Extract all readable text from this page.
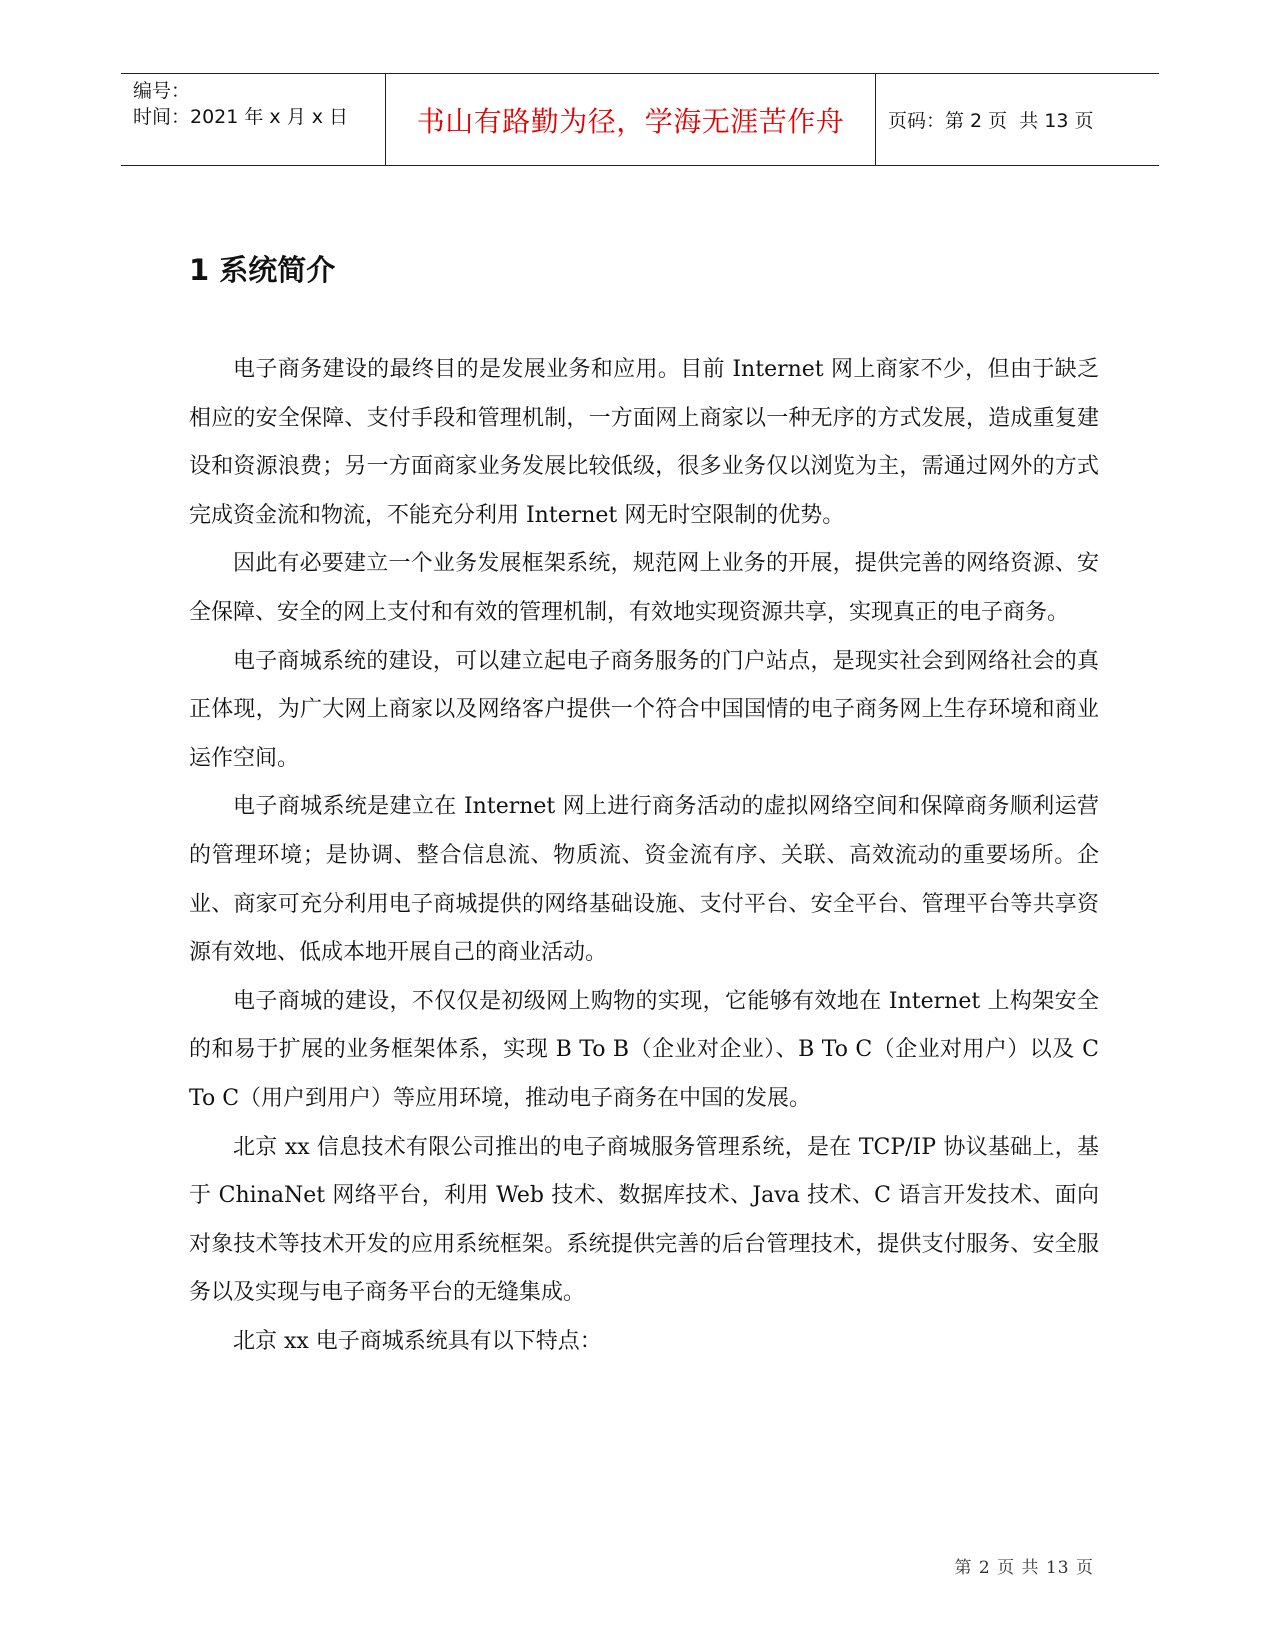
编号：
时间：2021 年 x 月 x 日	书山有路勤为径，学海无涯苦作舟 页码：第 2 页  共 13 页
1 系统简介

电子商务建设的最终目的是发展业务和应用。目前 Internet 网上商家不少，但由于缺乏相应的安全保障、支付手段和管理机制，一方面网上商家以一种无序的方式发展，造成重复建设和资源浪费；另一方面商家业务发展比较低级，很多业务仅以浏览为主，需通过网外的方式完成资金流和物流，不能充分利用 Internet 网无时空限制的优势。

因此有必要建立一个业务发展框架系统，规范网上业务的开展，提供完善的网络资源、安全保障、安全的网上支付和有效的管理机制，有效地实现资源共享，实现真正的电子商务。

电子商城系统的建设，可以建立起电子商务服务的门户站点，是现实社会到网络社会的真正体现，为广大网上商家以及网络客户提供一个符合中国国情的电子商务网上生存环境和商业运作空间。

电子商城系统是建立在 Internet 网上进行商务活动的虚拟网络空间和保障商务顺利运营的管理环境；是协调、整合信息流、物质流、资金流有序、关联、高效流动的重要场所。企业、商家可充分利用电子商城提供的网络基础设施、支付平台、安全平台、管理平台等共享资源有效地、低成本地开展自己的商业活动。

电子商城的建设，不仅仅是初级网上购物的实现，它能够有效地在 Internet 上构架安全的和易于扩展的业务框架体系，实现 B To B（企业对企业）、B To C（企业对用户）以及 C To C（用户到用户）等应用环境，推动电子商务在中国的发展。

北京 xx 信息技术有限公司推出的电子商城服务管理系统，是在 TCP/IP 协议基础上，基于 ChinaNet 网络平台，利用 Web 技术、数据库技术、Java 技术、C 语言开发技术、面向对象技术等技术开发的应用系统框架。系统提供完善的后台管理技术，提供支付服务、安全服务以及实现与电子商务平台的无缝集成。

北京 xx 电子商城系统具有以下特点：

第 2 页 共 13 页
